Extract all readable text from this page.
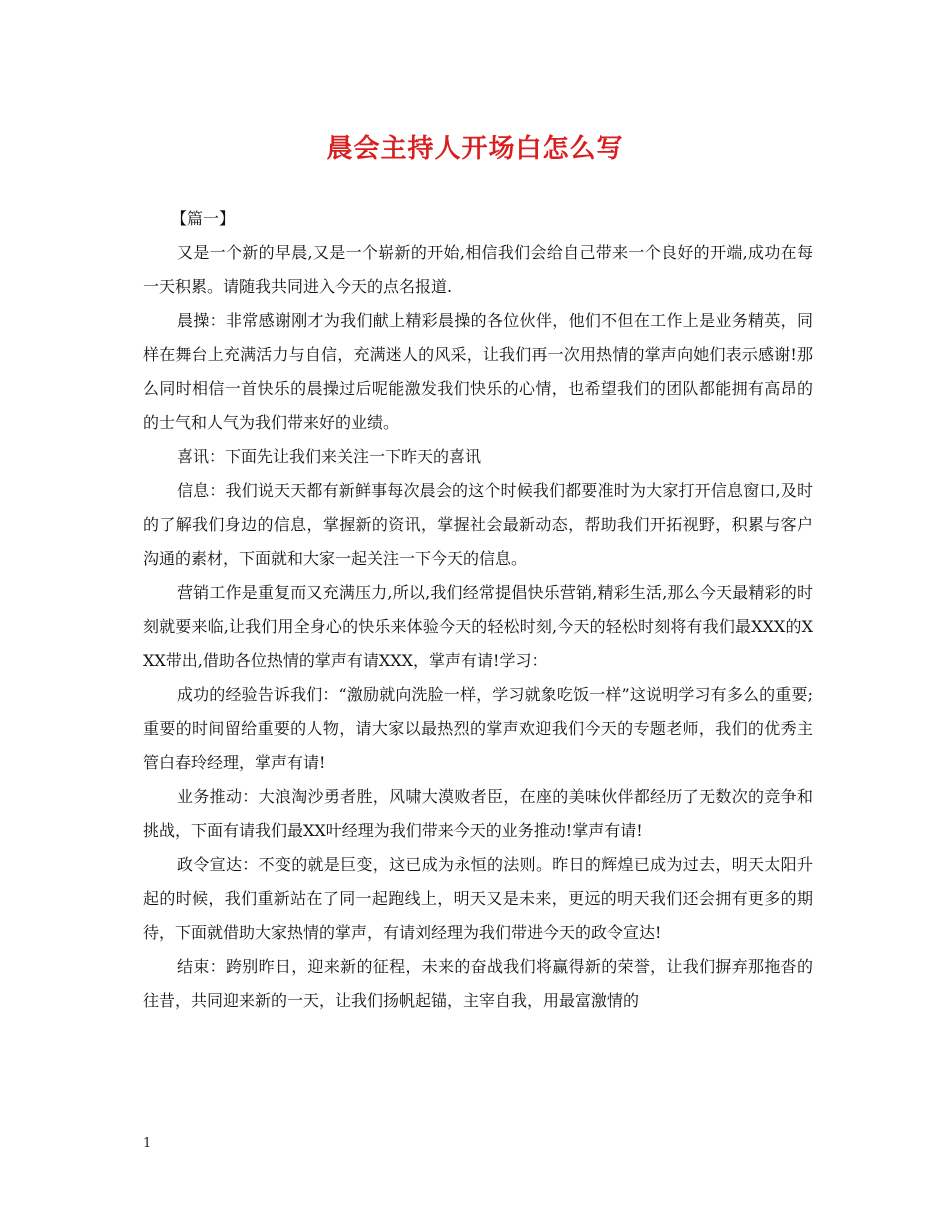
晨会主持人开场白怎么写

【篇一】

又是一个新的早晨,又是一个崭新的开始,相信我们会给自己带来一个良好的开端,成功在每一天积累。请随我共同进入今天的点名报道.

晨操：非常感谢刚才为我们献上精彩晨操的各位伙伴，他们不但在工作上是业务精英，同样在舞台上充满活力与自信，充满迷人的风采，让我们再一次用热情的掌声向她们表示感谢!那么同时相信一首快乐的晨操过后呢能激发我们快乐的心情，也希望我们的团队都能拥有高昂的的士气和人气为我们带来好的业绩。

喜讯：下面先让我们来关注一下昨天的喜讯

信息：我们说天天都有新鲜事每次晨会的这个时候我们都要准时为大家打开信息窗口,及时的了解我们身边的信息，掌握新的资讯，掌握社会最新动态，帮助我们开拓视野，积累与客户沟通的素材，下面就和大家一起关注一下今天的信息。

营销工作是重复而又充满压力,所以,我们经常提倡快乐营销,精彩生活,那么今天最精彩的时刻就要来临,让我们用全身心的快乐来体验今天的轻松时刻,今天的轻松时刻将有我们最XXX的XXX带出,借助各位热情的掌声有请XXX，掌声有请!学习：

成功的经验告诉我们：“激励就向洗脸一样，学习就象吃饭一样”这说明学习有多么的重要;重要的时间留给重要的人物，请大家以最热烈的掌声欢迎我们今天的专题老师，我们的优秀主管白春玲经理，掌声有请!

业务推动：大浪淘沙勇者胜，风啸大漠败者臣，在座的美味伙伴都经历了无数次的竞争和挑战，下面有请我们最XX叶经理为我们带来今天的业务推动!掌声有请!

政令宣达：不变的就是巨变，这已成为永恒的法则。昨日的辉煌已成为过去，明天太阳升起的时候，我们重新站在了同一起跑线上，明天又是未来，更远的明天我们还会拥有更多的期待，下面就借助大家热情的掌声，有请刘经理为我们带进今天的政令宣达!

结束：跨别昨日，迎来新的征程，未来的奋战我们将赢得新的荣誉，让我们摒弃那拖沓的往昔，共同迎来新的一天，让我们扬帆起锚，主宰自我，用最富激情的

1
